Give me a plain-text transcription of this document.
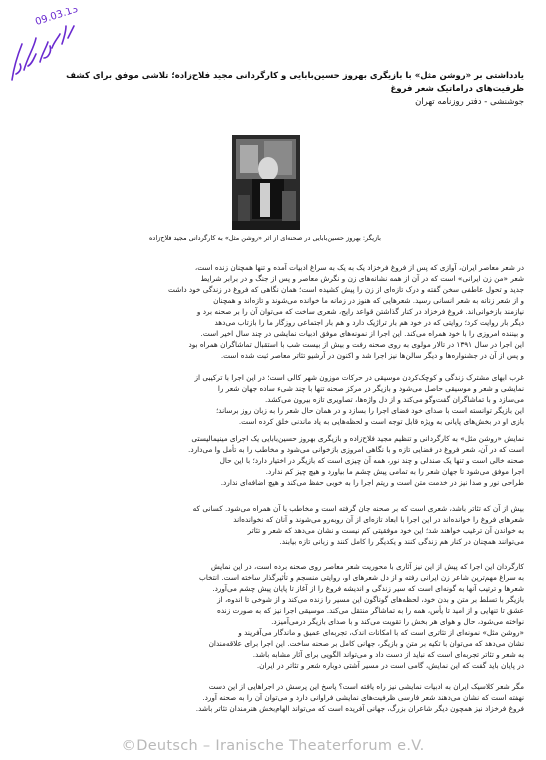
09.03.13
یادداشتی بر «روشن مثل» با بازیگری بهروز حسین‌بابایی و کارگردانی مجید فلاح‌زاده؛ تلاشی موفق برای کشف
ظرفیت‌های دراماتیک شعر فروغ
جوشنشی - دفتر روزنامه تهران
بازیگر: بهروز حسین‌بابایی در صحنه‌ای از اثر «روشن مثل» به کارگردانی مجید فلاح‌زاده
در شعر معاصر ایران، آوازی که پس از فروغ فرخزاد یک به یک به سراغ ادبیات آمده و تنها همچنان زنده است،
شعر «من زن ایرانی» است که در آن از همه نشانه‌های زن و نگرش معاصر و پس از جنگ و در برابر شرایط
جدید و تحول عاطفی سخن گفته و درک تازه‌ای از زن را پیش کشیده است؛ همان نگاهی که فروغ در زندگی خود داشت
و از شعر زنانه به شعر انسانی رسید. شعرهایی که هنوز در زمانه ما خوانده می‌شوند و تازه‌اند و همچنان
نیازمند بازخوانی‌اند. فروغ فرخزاد در کنار گذاشتن قواعد رایج، شعری ساخت که می‌توان آن را بر صحنه برد و
دیگر بار روایت کرد؛ روایتی که در خود هم بار تراژیک دارد و هم بار اجتماعی روزگار ما را بازتاب می‌دهد
و بیننده امروزی را با خود همراه می‌کند. این اجرا از نمونه‌های موفق ادبیات نمایشی در چند سال اخیر است.
این اجرا در سال ۱۳۹۱ در تالار مولوی به روی صحنه رفت و بیش از بیست شب با استقبال تماشاگران همراه بود
و پس از آن در جشنواره‌ها و دیگر سالن‌ها نیز اجرا شد و اکنون در آرشیو تئاتر معاصر ثبت شده است.
غرب ابهای مشترک زندگی و کوچک‌کردن موسیقی در حرکات موزون شهر کالی است؛ در این اجرا با ترکیبی از
نمایشی و شعر و موسیقی حاصل می‌شود و بازیگر در مرکز صحنه تنها با چند شیء ساده جهان شعر را
می‌سازد و با تماشاگران گفت‌وگو می‌کند و از دل واژه‌ها، تصاویری تازه بیرون می‌کشد.
این بازیگر توانسته است با صدای خود فضای اجرا را بسازد و در همان حال شعر را به زبان روز برساند؛
بازی او در بخش‌های پایانی به ویژه قابل توجه است و لحظه‌هایی به یاد ماندنی خلق کرده است.
نمایش «روشن مثل» به کارگردانی و تنظیم مجید فلاح‌زاده و بازیگری بهروز حسین‌بابایی یک اجرای مینیمالیستی
است که در آن، شعر فروغ در فضایی تازه و با نگاهی امروزی بازخوانی می‌شود و مخاطب را به تأمل وا می‌دارد.
صحنه خالی است و تنها یک صندلی و چند نور، همه آن چیزی است که بازیگر در اختیار دارد؛ با این حال
اجرا موفق می‌شود تا جهان شعر را به تمامی پیش چشم ما بیاورد و هیچ چیز کم ندارد.
طراحی نور و صدا نیز در خدمت متن است و ریتم اجرا را به خوبی حفظ می‌کند و هیچ اضافه‌ای ندارد.
بیش از آن که تئاتر باشد، شعری است که بر صحنه جان گرفته است و مخاطب با آن همراه می‌شود. کسانی که
شعرهای فروغ را خوانده‌اند در این اجرا با ابعاد تازه‌ای از آن روبه‌رو می‌شوند و آنان که نخوانده‌اند
به خواندن آن ترغیب خواهند شد؛ این خود موفقیتی کم نیست و نشان می‌دهد که شعر و تئاتر
می‌توانند همچنان در کنار هم زندگی کنند و یکدیگر را کامل کنند و زبانی تازه بیابند.
کارگردان این اجرا که پیش از این نیز آثاری با محوریت شعر معاصر روی صحنه برده است، در این نمایش
به سراغ مهم‌ترین شاعر زن ایرانی رفته و از دل شعرهای او، روایتی منسجم و تأثیرگذار ساخته است. انتخاب
شعرها و ترتیب آنها به گونه‌ای است که سیر زندگی و اندیشه فروغ را از آغاز تا پایان پیش چشم می‌آورد.
بازیگر با تسلط بر متن و بدن خود، لحظه‌های گوناگون این مسیر را زنده می‌کند و از شوخی تا اندوه، از
عشق تا تنهایی و از امید تا یأس، همه را به تماشاگر منتقل می‌کند. موسیقی اجرا نیز که به صورت زنده
نواخته می‌شود، حال و هوای هر بخش را تقویت می‌کند و با صدای بازیگر درمی‌آمیزد.
«روشن مثل» نمونه‌ای از تئاتری است که با امکانات اندک، تجربه‌ای عمیق و ماندگار می‌آفریند و
نشان می‌دهد که می‌توان با تکیه بر متن و بازیگر، جهانی کامل بر صحنه ساخت. این اجرا برای علاقه‌مندان
به شعر و تئاتر تجربه‌ای است که نباید از دست داد و می‌تواند الگویی برای آثار مشابه باشد.
در پایان باید گفت که این نمایش، گامی است در مسیر آشتی دوباره شعر و تئاتر در ایران.
مگر شعر کلاسیک ایران به ادبیات نمایشی نیز راه یافته است؟ پاسخ این پرسش در اجراهایی از این دست
نهفته است که نشان می‌دهند شعر فارسی ظرفیت‌های نمایشی فراوانی دارد و می‌توان آن را به صحنه آورد.
فروغ فرخزاد نیز همچون دیگر شاعران بزرگ، جهانی آفریده است که می‌تواند الهام‌بخش هنرمندان تئاتر باشد.
©Deutsch – Iranische Theaterforum e.V.
